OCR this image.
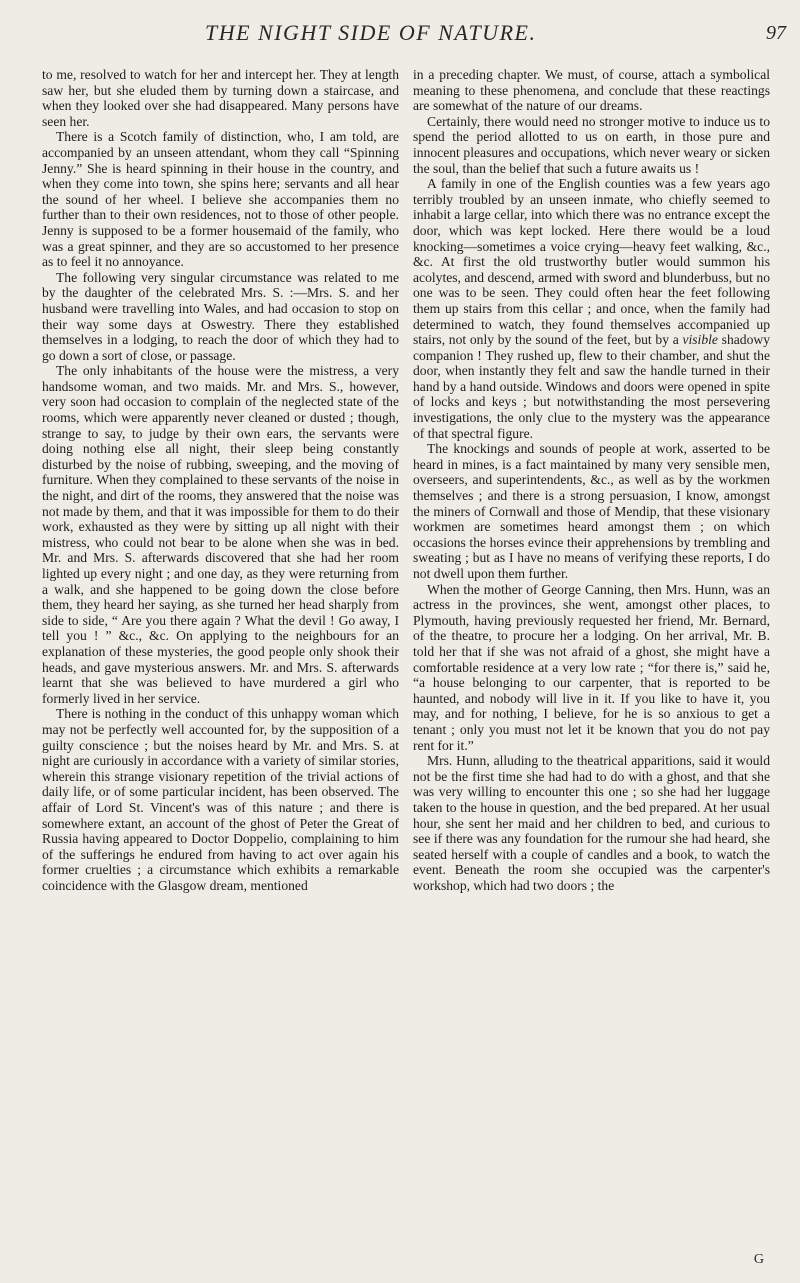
THE NIGHT SIDE OF NATURE.	97

to me, resolved to watch for her and intercept her. They at length saw her, but she eluded them by turning down a staircase, and when they looked over she had disappeared. Many persons have seen her.

There is a Scotch family of distinction, who, I am told, are accompanied by an unseen attendant, whom they call “Spinning Jenny.” She is heard spinning in their house in the country, and when they come into town, she spins here; servants and all hear the sound of her wheel. I believe she accompanies them no further than to their own residences, not to those of other people. Jenny is supposed to be a former housemaid of the family, who was a great spinner, and they are so accustomed to her presence as to feel it no annoyance.

The following very singular circumstance was related to me by the daughter of the celebrated Mrs. S. :—Mrs. S. and her husband were travelling into Wales, and had occasion to stop on their way some days at Oswestry. There they established themselves in a lodging, to reach the door of which they had to go down a sort of close, or passage.

The only inhabitants of the house were the mistress, a very handsome woman, and two maids. Mr. and Mrs. S., however, very soon had occasion to complain of the neglected state of the rooms, which were apparently never cleaned or dusted ; though, strange to say, to judge by their own ears, the servants were doing nothing else all night, their sleep being constantly disturbed by the noise of rubbing, sweeping, and the moving of furniture. When they complained to these servants of the noise in the night, and dirt of the rooms, they answered that the noise was not made by them, and that it was impossible for them to do their work, exhausted as they were by sitting up all night with their mistress, who could not bear to be alone when she was in bed. Mr. and Mrs. S. afterwards discovered that she had her room lighted up every night ; and one day, as they were returning from a walk, and she happened to be going down the close before them, they heard her saying, as she turned her head sharply from side to side, “ Are you there again ? What the devil ! Go away, I tell you ! ” &c., &c. On applying to the neighbours for an explanation of these mysteries, the good people only shook their heads, and gave mysterious answers. Mr. and Mrs. S. afterwards learnt that she was believed to have murdered a girl who formerly lived in her service.

There is nothing in the conduct of this unhappy woman which may not be perfectly well accounted for, by the supposition of a guilty conscience ; but the noises heard by Mr. and Mrs. S. at night are curiously in accordance with a variety of similar stories, wherein this strange visionary repetition of the trivial actions of daily life, or of some particular incident, has been observed. The affair of Lord St. Vincent's was of this nature ; and there is somewhere extant, an account of the ghost of Peter the Great of Russia having appeared to Doctor Doppelio, complaining to him of the sufferings he endured from having to act over again his former cruelties ; a circumstance which exhibits a remarkable coincidence with the Glasgow dream, mentioned

in a preceding chapter. We must, of course, attach a symbolical meaning to these phenomena, and conclude that these reactings are somewhat of the nature of our dreams.

Certainly, there would need no stronger motive to induce us to spend the period allotted to us on earth, in those pure and innocent pleasures and occupations, which never weary or sicken the soul, than the belief that such a future awaits us !

A family in one of the English counties was a few years ago terribly troubled by an unseen inmate, who chiefly seemed to inhabit a large cellar, into which there was no entrance except the door, which was kept locked. Here there would be a loud knocking—sometimes a voice crying—heavy feet walking, &c., &c. At first the old trustworthy butler would summon his acolytes, and descend, armed with sword and blunderbuss, but no one was to be seen. They could often hear the feet following them up stairs from this cellar ; and once, when the family had determined to watch, they found themselves accompanied up stairs, not only by the sound of the feet, but by a visible shadowy companion ! They rushed up, flew to their chamber, and shut the door, when instantly they felt and saw the handle turned in their hand by a hand outside. Windows and doors were opened in spite of locks and keys ; but notwithstanding the most persevering investigations, the only clue to the mystery was the appearance of that spectral figure.

The knockings and sounds of people at work, asserted to be heard in mines, is a fact maintained by many very sensible men, overseers, and superintendents, &c., as well as by the workmen themselves ; and there is a strong persuasion, I know, amongst the miners of Cornwall and those of Mendip, that these visionary workmen are sometimes heard amongst them ; on which occasions the horses evince their apprehensions by trembling and sweating ; but as I have no means of verifying these reports, I do not dwell upon them further.

When the mother of George Canning, then Mrs. Hunn, was an actress in the provinces, she went, amongst other places, to Plymouth, having previously requested her friend, Mr. Bernard, of the theatre, to procure her a lodging. On her arrival, Mr. B. told her that if she was not afraid of a ghost, she might have a comfortable residence at a very low rate ; “for there is,” said he, “a house belonging to our carpenter, that is reported to be haunted, and nobody will live in it. If you like to have it, you may, and for nothing, I believe, for he is so anxious to get a tenant ; only you must not let it be known that you do not pay rent for it.”

Mrs. Hunn, alluding to the theatrical apparitions, said it would not be the first time she had had to do with a ghost, and that she was very willing to encounter this one ; so she had her luggage taken to the house in question, and the bed prepared. At her usual hour, she sent her maid and her children to bed, and curious to see if there was any foundation for the rumour she had heard, she seated herself with a couple of candles and a book, to watch the event. Beneath the room she occupied was the carpenter's workshop, which had two doors ; the

G
